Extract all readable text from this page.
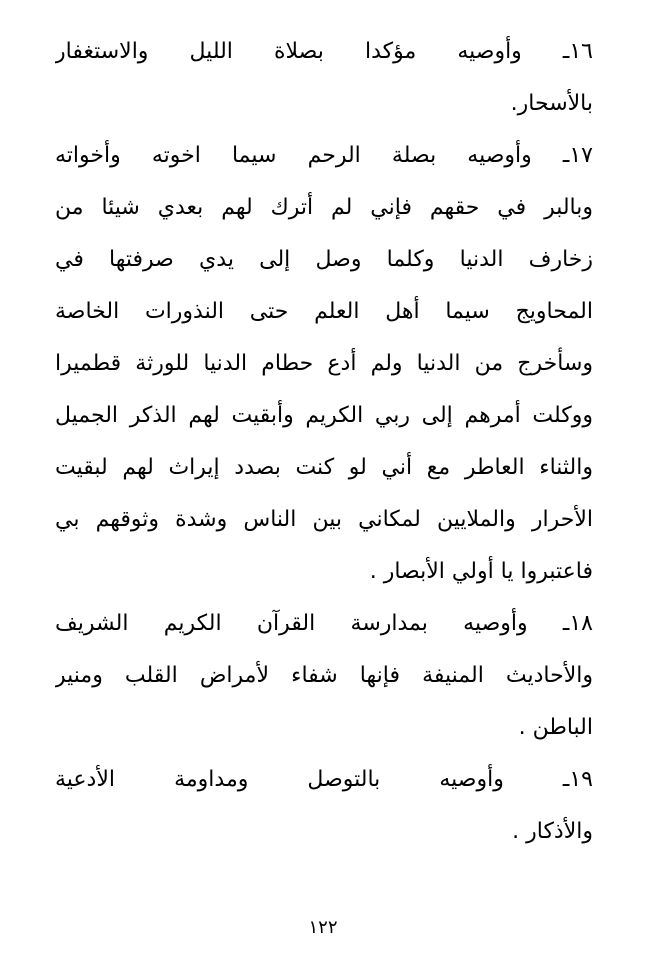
١٦ـ وأوصيه مؤكدا بصلاة الليل والاستغفار
بالأسحار.
١٧ـ وأوصيه بصلة الرحم سيما اخوته وأخواته
وبالبر في حقهم فإني لم أترك لهم بعدي شيئا من
زخارف الدنيا وكلما وصل إلى يدي صرفتها في
المحاويج سيما أهل العلم حتى النذورات الخاصة
وسأخرج من الدنيا ولم أدع حطام الدنيا للورثة قطميرا
ووكلت أمرهم إلى ربي الكريم وأبقيت لهم الذكر الجميل
والثناء العاطر مع أني لو كنت بصدد إيراث لهم لبقيت
الأحرار والملايين لمكاني بين الناس وشدة وثوقهم بي
فاعتبروا يا أولي الأبصار .
١٨ـ وأوصيه بمدارسة القرآن الكريم الشريف
والأحاديث المنيفة فإنها شفاء لأمراض القلب ومنير
الباطن .
١٩ـ وأوصيه بالتوصل ومداومة الأدعية
والأذكار .
١٢٢
